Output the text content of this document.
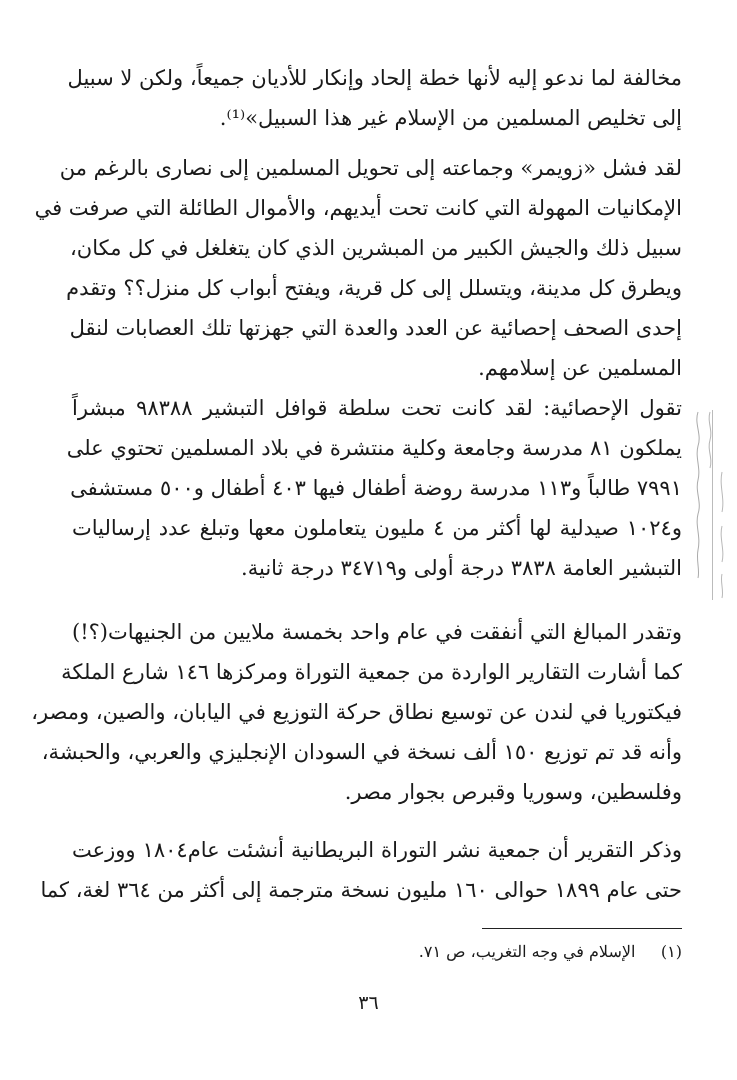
مخالفة لما ندعو إليه لأنها خطة إلحاد وإنكار للأديان جميعاً، ولكن لا سبيل
إلى تخليص المسلمين من الإسلام غير هذا السبيل»⁽¹⁾.
لقد فشل «زويمر» وجماعته إلى تحويل المسلمين إلى نصارى بالرغم من
الإمكانيات المهولة التي كانت تحت أيديهم، والأموال الطائلة التي صرفت في
سبيل ذلك والجيش الكبير من المبشرين الذي كان يتغلغل في كل مكان،
ويطرق كل مدينة، ويتسلل إلى كل قرية، ويفتح أبواب كل منزل؟؟ وتقدم
إحدى الصحف إحصائية عن العدد والعدة التي جهزتها تلك العصابات لنقل
المسلمين عن إسلامهم.
تقول الإحصائية: لقد كانت تحت سلطة قوافل التبشير ٩٨٣٨٨ مبشراً
يملكون ٨١ مدرسة وجامعة وكلية منتشرة في بلاد المسلمين تحتوي على
٧٩٩١ طالباً و١١٣ مدرسة روضة أطفال فيها ٤٠٣ أطفال و٥٠٠ مستشفى
و١٠٢٤ صيدلية لها أكثر من ٤ مليون يتعاملون معها وتبلغ عدد إرساليات
التبشير العامة ٣٨٣٨ درجة أولى و٣٤٧١٩ درجة ثانية.
وتقدر المبالغ التي أنفقت في عام واحد بخمسة ملايين من الجنيهات(؟!)
كما أشارت التقارير الواردة من جمعية التوراة ومركزها ١٤٦ شارع الملكة
فيكتوريا في لندن عن توسيع نطاق حركة التوزيع في اليابان، والصين، ومصر،
وأنه قد تم توزيع ١٥٠ ألف نسخة في السودان الإنجليزي والعربي، والحبشة،
وفلسطين، وسوريا وقبرص بجوار مصر.
وذكر التقرير أن جمعية نشر التوراة البريطانية أنشئت عام١٨٠٤ ووزعت
حتى عام ١٨٩٩ حوالى ١٦٠ مليون نسخة مترجمة إلى أكثر من ٣٦٤ لغة، كما
(١)     الإسلام في وجه التغريب، ص ٧١.
٣٦
